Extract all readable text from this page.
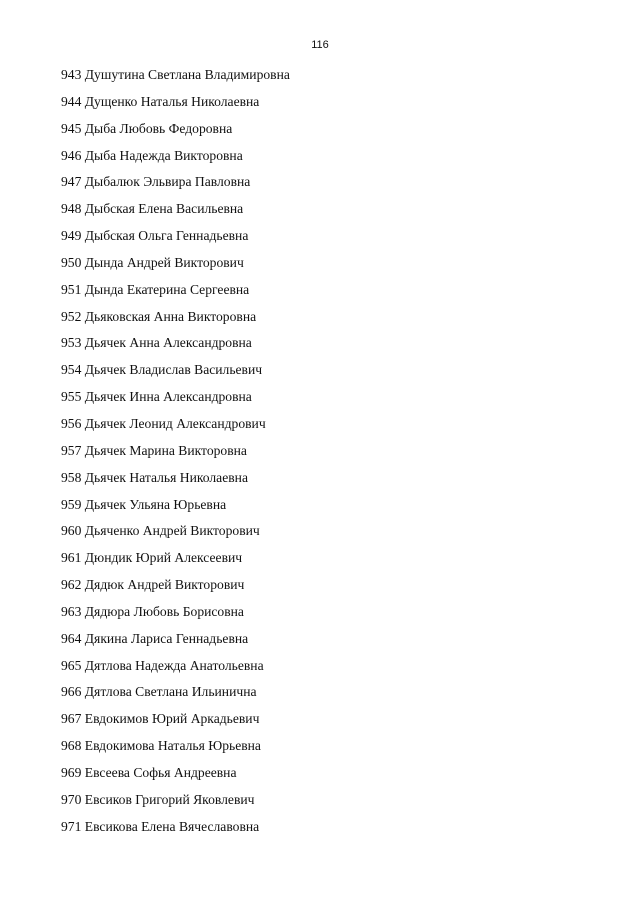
116
943 Душутина Светлана Владимировна
944 Дущенко Наталья Николаевна
945 Дыба Любовь Федоровна
946 Дыба Надежда Викторовна
947 Дыбалюк Эльвира Павловна
948 Дыбская Елена Васильевна
949 Дыбская Ольга Геннадьевна
950 Дында Андрей Викторович
951 Дында Екатерина Сергеевна
952 Дьяковская Анна Викторовна
953 Дьячек Анна Александровна
954 Дьячек Владислав Васильевич
955 Дьячек Инна Александровна
956 Дьячек Леонид Александрович
957 Дьячек Марина Викторовна
958 Дьячек Наталья Николаевна
959 Дьячек Ульяна Юрьевна
960 Дьяченко Андрей Викторович
961 Дюндик Юрий Алексеевич
962 Дядюк Андрей Викторович
963 Дядюра Любовь Борисовна
964 Дякина Лариса Геннадьевна
965 Дятлова Надежда Анатольевна
966 Дятлова Светлана Ильинична
967 Евдокимов Юрий Аркадьевич
968 Евдокимова Наталья Юрьевна
969 Евсеева Софья Андреевна
970 Евсиков Григорий Яковлевич
971 Евсикова Елена Вячеславовна
